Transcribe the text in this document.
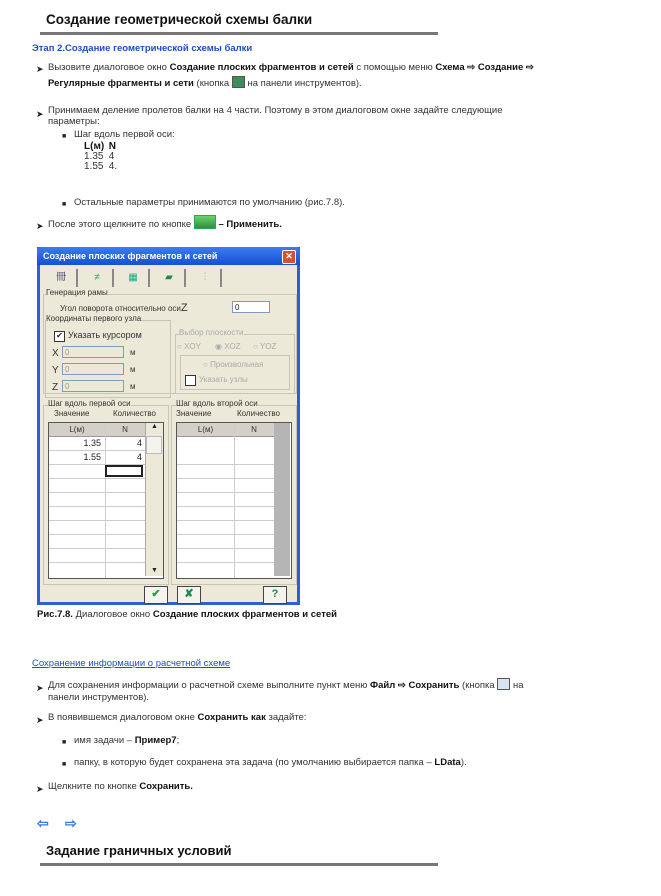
Создание геометрической схемы балки
Этап 2.Создание геометрической схемы балки
➤ Вызовите диалоговое окно Создание плоских фрагментов и сетей с помощью меню Схема ⇨ Создание ⇨
Регулярные фрагменты и сети (кнопка  на панели инструментов).
➤ Принимаем деление пролетов балки на 4 части. Поэтому в этом диалоговом окне задайте следующие
параметры:
■ Шаг вдоль первой оси:
L(м) N
1.35 4
1.55 4.
■ Остальные параметры принимаются по умолчанию (рис.7.8).
➤ После этого щелкните по кнопке	– Применить.
Создание плоских фрагментов и сетей	✕
冊	≠	▦	▰	⫶
Генерация рамы
Угол поворота относительно осиZ	0
Координаты первого узла
✔ Указать курсором
X 0	м
Y 0	м
Z 0	м
Выбор плоскости
○ XOY ◉ XOZ ○ YOZ
○ Произвольная
Указать узлы
Шаг вдоль первой оси
Значение	Количество
L(м)	N
1.35	4
1.55	4
▲
▼
Шаг вдоль второй оси
Значение	Количество
L(м)	N
✔	✘	?
Рис.7.8. Диалоговое окно Создание плоских фрагментов и сетей
Сохранение информации о расчетной схеме
➤ Для сохранения информации о расчетной схеме выполните пункт меню Файл ⇨ Сохранить (кнопка  на
панели инструментов).
➤ В появившемся диалоговом окне Сохранить как задайте:
■ имя задачи – Пример7;
■ папку, в которую будет сохранена эта задача (по умолчанию выбирается папка – LData).
➤ Щелкните по кнопке Сохранить.
⇦ ⇨
Задание граничных условий
